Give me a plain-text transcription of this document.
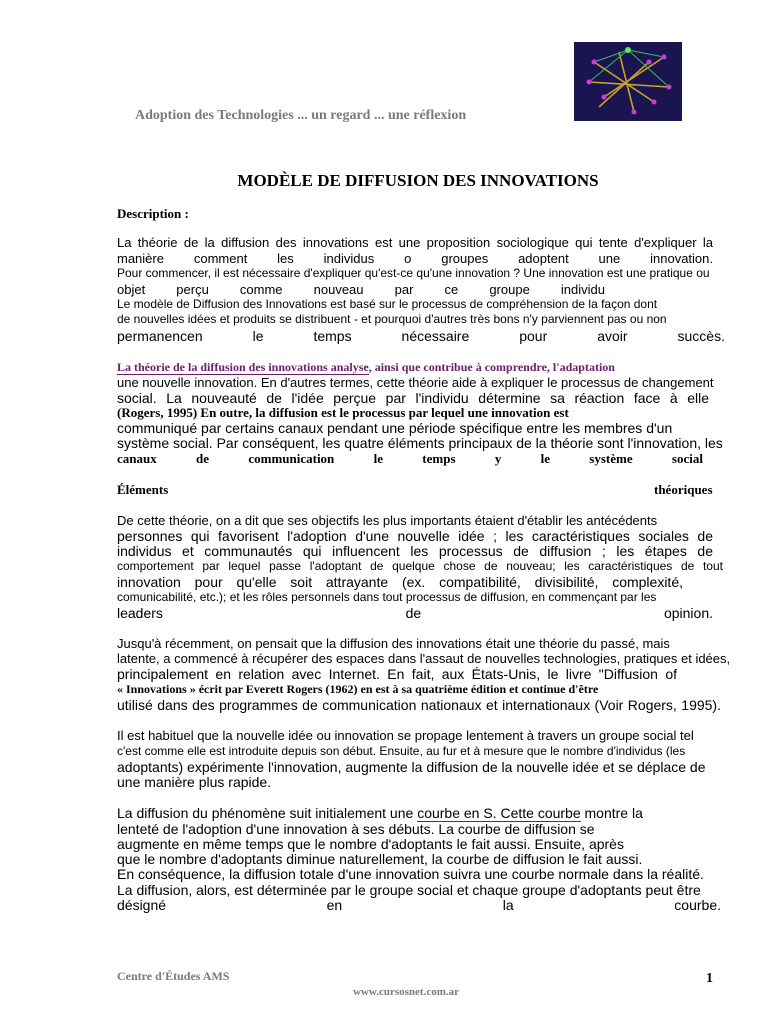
Adoption des Technologies ... un regard ... une réflexion
MODÈLE DE DIFFUSION DES INNOVATIONS
Description :
La théorie de la diffusion des innovations est une proposition sociologique qui tente d'expliquer la
manière comment les individus o groupes adoptent une innovation.
Pour commencer, il est nécessaire d'expliquer qu'est-ce qu'une innovation ? Une innovation est une pratique ou
objet perçu comme nouveau par ce groupe individu
Le modèle de Diffusion des Innovations est basé sur le processus de compréhension de la façon dont
de nouvelles idées et produits se distribuent - et pourquoi d'autres très bons n'y parviennent pas ou non
permanencen le temps nécessaire pour avoir succès.
La théorie de la diffusion des innovations analyse, ainsi que contribue à comprendre, l'adaptation
une nouvelle innovation. En d'autres termes, cette théorie aide à expliquer le processus de changement
social. La nouveauté de l'idée perçue par l'individu détermine sa réaction face à elle
(Rogers, 1995) En outre, la diffusion est le processus par lequel une innovation est
communiqué par certains canaux pendant une période spécifique entre les membres d'un
système social. Par conséquent, les quatre éléments principaux de la théorie sont l'innovation, les
canaux de communication le temps y le système social
Éléments	théoriques
De cette théorie, on a dit que ses objectifs les plus importants étaient d'établir les antécédents
personnes qui favorisent l'adoption d'une nouvelle idée ; les caractéristiques sociales de
individus et communautés qui influencent les processus de diffusion ; les étapes de
comportement par lequel passe l'adoptant de quelque chose de nouveau; les caractéristiques de tout
innovation pour qu'elle soit attrayante (ex. compatibilité, divisibilité, complexité,
comunicabilité, etc.); et les rôles personnels dans tout processus de diffusion, en commençant par les
leaders de opinion.
Jusqu'à récemment, on pensait que la diffusion des innovations était une théorie du passé, mais
latente, a commencé à récupérer des espaces dans l'assaut de nouvelles technologies, pratiques et idées,
principalement en relation avec Internet. En fait, aux États-Unis, le livre "Diffusion of
« Innovations » écrit par Everett Rogers (1962) en est à sa quatrième édition et continue d'être
utilisé dans des programmes de communication nationaux et internationaux (Voir Rogers, 1995).
Il est habituel que la nouvelle idée ou innovation se propage lentement à travers un groupe social tel
c'est comme elle est introduite depuis son début. Ensuite, au fur et à mesure que le nombre d'individus (les
adoptants) expérimente l'innovation, augmente la diffusion de la nouvelle idée et se déplace de
une manière plus rapide.
La diffusion du phénomène suit initialement une courbe en S. Cette courbe montre la
lenteté de l'adoption d'une innovation à ses débuts. La courbe de diffusion se
augmente en même temps que le nombre d'adoptants le fait aussi. Ensuite, après
que le nombre d'adoptants diminue naturellement, la courbe de diffusion le fait aussi.
En conséquence, la diffusion totale d'une innovation suivra une courbe normale dans la réalité.
La diffusion, alors, est déterminée par le groupe social et chaque groupe d'adoptants peut être
désigné en la courbe.
Centre d'Études AMS
www.cursosnet.com.ar
1
